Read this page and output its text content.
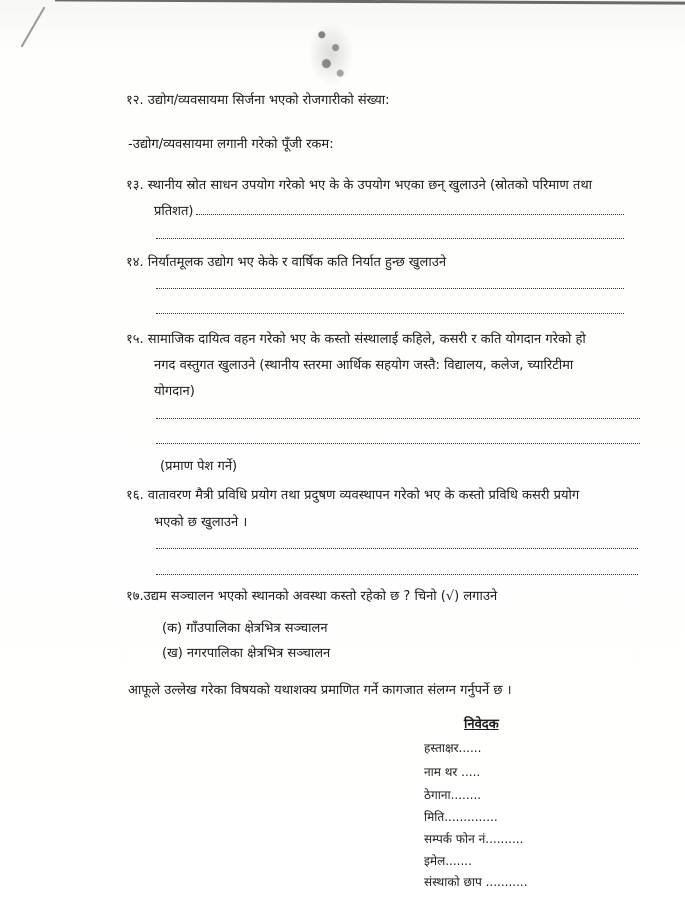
१२. उद्योग/व्यवसायमा सिर्जना भएको रोजगारीको संख्या:
-उद्योग/व्यवसायमा लगानी गरेको पूँजी रकम:
१३. स्थानीय स्रोत साधन उपयोग गरेको भए के के उपयोग भएका छन् खुलाउने (स्रोतको परिमाण तथा
प्रतिशत)
१४. निर्यातमूलक उद्योग भए केके र वार्षिक कति निर्यात हुन्छ खुलाउने
१५. सामाजिक दायित्व वहन गरेको भए के कस्तो संस्थालाई कहिले, कसरी र कति योगदान गरेको हो
नगद वस्तुगत खुलाउने (स्थानीय स्तरमा आर्थिक सहयोग जस्तै: विद्यालय, कलेज, च्यारिटीमा
योगदान)
(प्रमाण पेश गर्ने)
१६. वातावरण मैत्री प्रविधि प्रयोग तथा प्रदुषण व्यवस्थापन गरेको भए के कस्तो प्रविधि कसरी प्रयोग
भएको छ खुलाउने ।
१७.उद्यम सञ्चालन भएको स्थानको अवस्था कस्तो रहेको छ ? चिनो (√) लगाउने
(क) गाँउपालिका क्षेत्रभित्र सञ्चालन
(ख) नगरपालिका क्षेत्रभित्र सञ्चालन
आफूले उल्लेख गरेका विषयको यथाशक्य प्रमाणित गर्ने कागजात संलग्न गर्नुपर्ने छ ।
निवेदक
हस्ताक्षर......
नाम थर .....
ठेगाना........
मिति..............
सम्पर्क फोन नं..........
इमेल.......
संस्थाको छाप ...........
